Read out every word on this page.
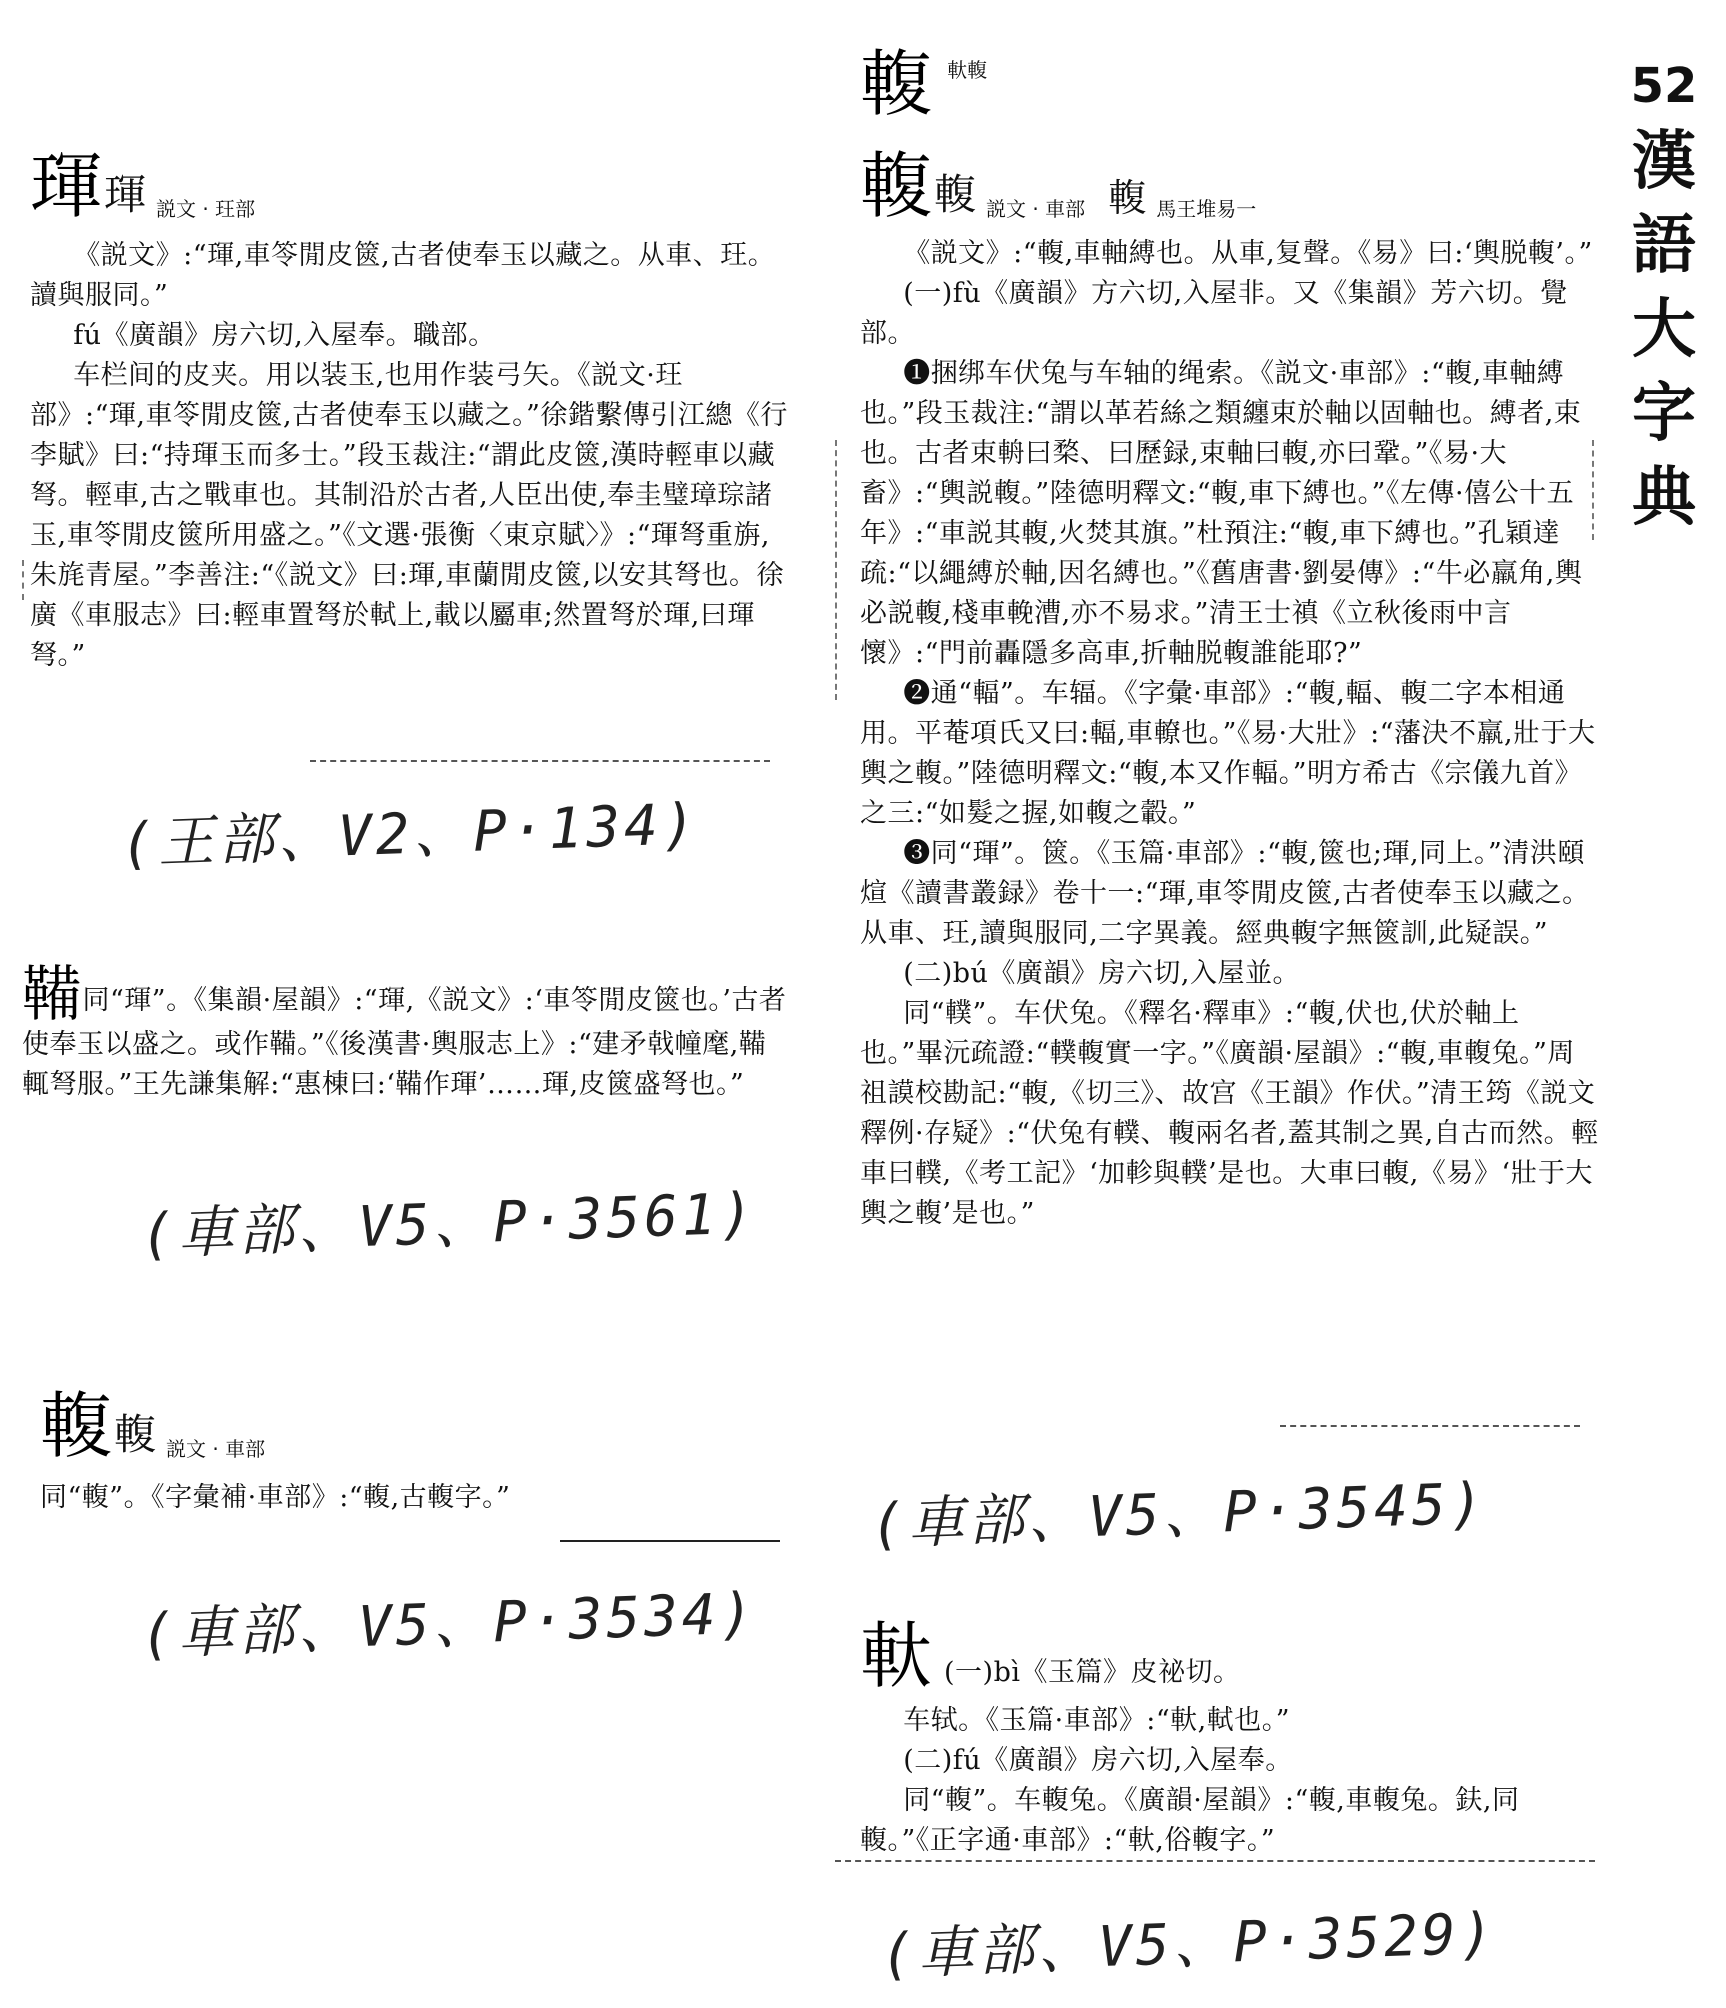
52
漢
語
大
字
典
琿琿 説文 · 玨部

《説文》:“琿,車笭閒皮篋,古者使奉玉以藏之。从車、玨。讀與服同。”

fú《廣韻》房六切,入屋奉。職部。

车栏间的皮夹。用以装玉,也用作装弓矢。《説文·玨部》:“琿,車笭閒皮篋,古者使奉玉以藏之。”徐鍇繫傳引江總《行李賦》曰:“持琿玉而多士。”段玉裁注:“謂此皮篋,漢時輕車以藏弩。輕車,古之戰車也。其制沿於古者,人臣出使,奉圭璧璋琮諸玉,車笭閒皮篋所用盛之。”《文選·張衡〈東京賦〉》:“琿弩重旃,朱旄青屋。”李善注:“《説文》曰:琿,車蘭閒皮篋,以安其弩也。徐廣《車服志》曰:輕車置弩於軾上,載以屬車;然置弩於琿,曰琿弩。”

(王部、V2、P·134)

鞴同“琿”。《集韻·屋韻》:“琿,《説文》:‘車笭閒皮篋也。’古者使奉玉以盛之。或作鞴。”《後漢書·輿服志上》:“建矛戟幢麾,鞴輒弩服。”王先謙集解:“惠棟曰:‘鞴作琿’……琿,皮篋盛弩也。”

(車部、V5、P·3561)
輹輹 説文 · 車部

同“輹”。《字彙補·車部》:“輹,古輹字。”

(車部、V5、P·3534)
輹 軑輹
輹輹 説文 · 車部 輹 馬王堆易一

《説文》:“輹,車軸縛也。从車,复聲。《易》曰:‘輿脱輹’。”

(一)fù《廣韻》方六切,入屋非。又《集韻》芳六切。覺部。

❶捆绑车伏兔与车轴的绳索。《説文·車部》:“輹,車軸縛也。”段玉裁注:“謂以革若絲之類纏束於軸以固軸也。縛者,束也。古者束輈曰楘、曰歷録,束軸曰輹,亦曰鞏。”《易·大畜》:“輿説輹。”陸德明釋文:“輹,車下縛也。”《左傳·僖公十五年》:“車説其輹,火焚其旗。”杜預注:“輹,車下縛也。”孔穎達疏:“以繩縛於軸,因名縛也。”《舊唐書·劉晏傳》:“牛必羸角,輿必説輹,棧車輓漕,亦不易求。”清王士禛《立秋後雨中言懷》:“門前轟隱多高車,折軸脱輹誰能耶?”

❷通“輻”。车辐。《字彙·車部》:“輹,輻、輹二字本相通用。平菴項氏又曰:輻,車轑也。”《易·大壯》:“藩決不羸,壯于大輿之輹。”陸德明釋文:“輹,本又作輻。”明方希古《宗儀九首》之三:“如髮之握,如輹之轂。”

❸同“琿”。篋。《玉篇·車部》:“輹,篋也;琿,同上。”清洪頤煊《讀書叢録》卷十一:“琿,車笭閒皮篋,古者使奉玉以藏之。从車、玨,讀與服同,二字異義。經典輹字無篋訓,此疑誤。”

(二)bú《廣韻》房六切,入屋並。

同“轐”。车伏兔。《釋名·釋車》:“輹,伏也,伏於軸上也。”畢沅疏證:“轐輹實一字。”《廣韻·屋韻》:“輹,車輹兔。”周祖謨校勘記:“輹,《切三》、故宫《王韻》作伏。”清王筠《説文釋例·存疑》:“伏兔有轐、輹兩名者,蓋其制之異,自古而然。輕車曰轐,《考工記》‘加軫與轐’是也。大車曰輹,《易》‘壯于大輿之輹’是也。”

(車部、V5、P·3545)
軑 (一)bì《玉篇》皮祕切。

车轼。《玉篇·車部》:“軑,軾也。”

(二)fú《廣韻》房六切,入屋奉。

同“輹”。车輹兔。《廣韻·屋韻》:“輹,車輹兔。鈇,同輹。”《正字通·車部》:“軑,俗輹字。”

(車部、V5、P·3529)
